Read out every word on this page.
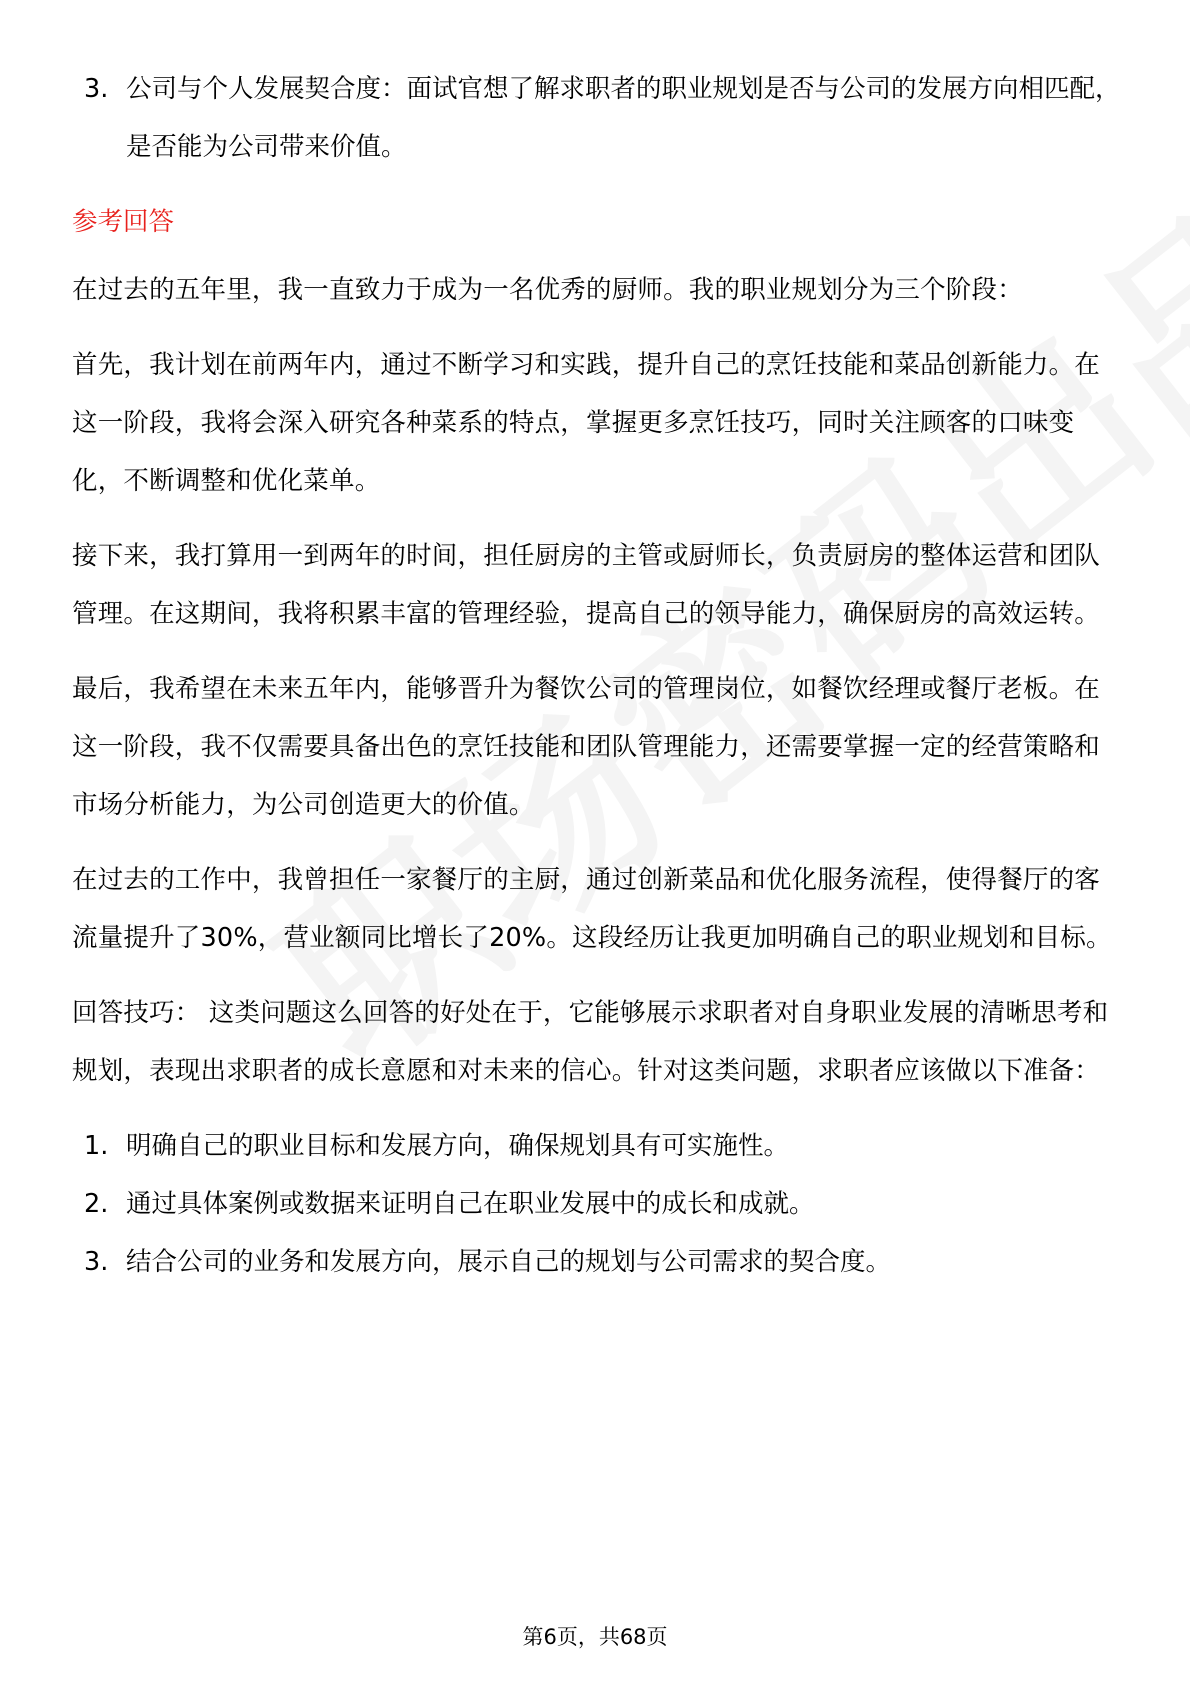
3. 公司与个人发展契合度：面试官想了解求职者的职业规划是否与公司的发展方向相匹配，是否能为公司带来价值。
参考回答
在过去的五年里，我一直致力于成为一名优秀的厨师。我的职业规划分为三个阶段：
首先，我计划在前两年内，通过不断学习和实践，提升自己的烹饪技能和菜品创新能力。在这一阶段，我将会深入研究各种菜系的特点，掌握更多烹饪技巧，同时关注顾客的口味变化，不断调整和优化菜单。
接下来，我打算用一到两年的时间，担任厨房的主管或厨师长，负责厨房的整体运营和团队管理。在这期间，我将积累丰富的管理经验，提高自己的领导能力，确保厨房的高效运转。
最后，我希望在未来五年内，能够晋升为餐饮公司的管理岗位，如餐饮经理或餐厅老板。在这一阶段，我不仅需要具备出色的烹饪技能和团队管理能力，还需要掌握一定的经营策略和市场分析能力，为公司创造更大的价值。
在过去的工作中，我曾担任一家餐厅的主厨，通过创新菜品和优化服务流程，使得餐厅的客流量提升了30%，营业额同比增长了20%。这段经历让我更加明确自己的职业规划和目标。
回答技巧： 这类问题这么回答的好处在于，它能够展示求职者对自身职业发展的清晰思考和规划，表现出求职者的成长意愿和对未来的信心。针对这类问题，求职者应该做以下准备：
1. 明确自己的职业目标和发展方向，确保规划具有可实施性。
2. 通过具体案例或数据来证明自己在职业发展中的成长和成就。
3. 结合公司的业务和发展方向，展示自己的规划与公司需求的契合度。
第6页，共68页
